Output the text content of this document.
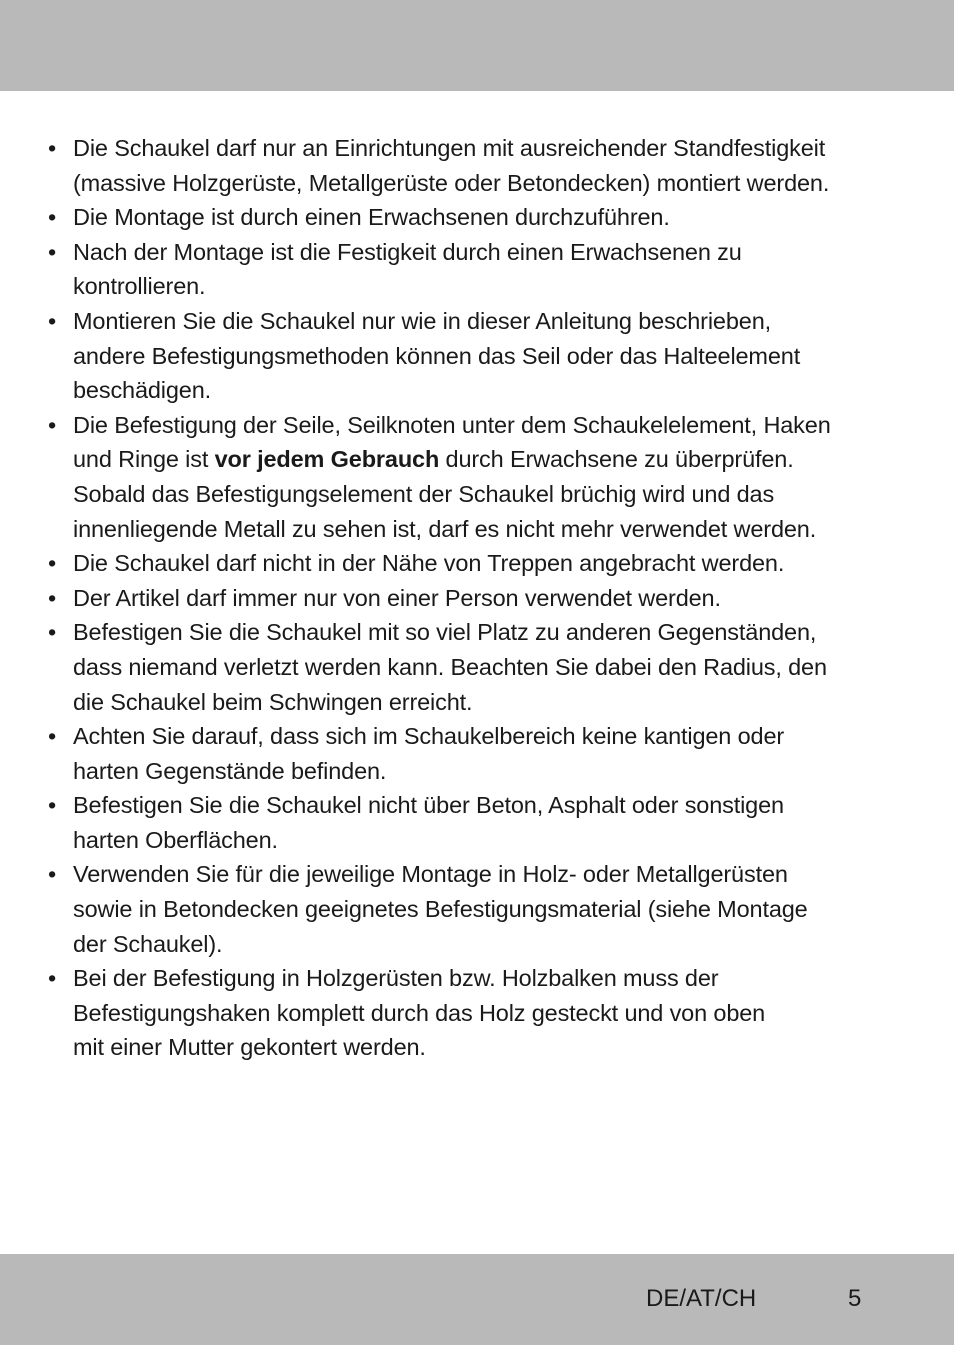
• Die Schaukel darf nur an Einrichtungen mit ausreichender Standfestigkeit
(massive Holzgerüste, Metallgerüste oder Betondecken) montiert werden.
• Die Montage ist durch einen Erwachsenen durchzuführen.
• Nach der Montage ist die Festigkeit durch einen Erwachsenen zu
kontrollieren.
• Montieren Sie die Schaukel nur wie in dieser Anleitung beschrieben,
andere Befestigungsmethoden können das Seil oder das Halteelement
beschädigen.
• Die Befestigung der Seile, Seilknoten unter dem Schaukelelement, Haken
und Ringe ist vor jedem Gebrauch durch Erwachsene zu überprüfen.
Sobald das Befestigungselement der Schaukel brüchig wird und das
innenliegende Metall zu sehen ist, darf es nicht mehr verwendet werden.
• Die Schaukel darf nicht in der Nähe von Treppen angebracht werden.
• Der Artikel darf immer nur von einer Person verwendet werden.
• Befestigen Sie die Schaukel mit so viel Platz zu anderen Gegenständen,
dass niemand verletzt werden kann. Beachten Sie dabei den Radius, den
die Schaukel beim Schwingen erreicht.
• Achten Sie darauf, dass sich im Schaukelbereich keine kantigen oder
harten Gegenstände befinden.
• Befestigen Sie die Schaukel nicht über Beton, Asphalt oder sonstigen
harten Oberflächen.
• Verwenden Sie für die jeweilige Montage in Holz- oder Metallgerüsten
sowie in Betondecken geeignetes Befestigungsmaterial (siehe Montage
der Schaukel).
• Bei der Befestigung in Holzgerüsten bzw. Holzbalken muss der
Befestigungshaken komplett durch das Holz gesteckt und von oben
mit einer Mutter gekontert werden.
DE/AT/CH	5
